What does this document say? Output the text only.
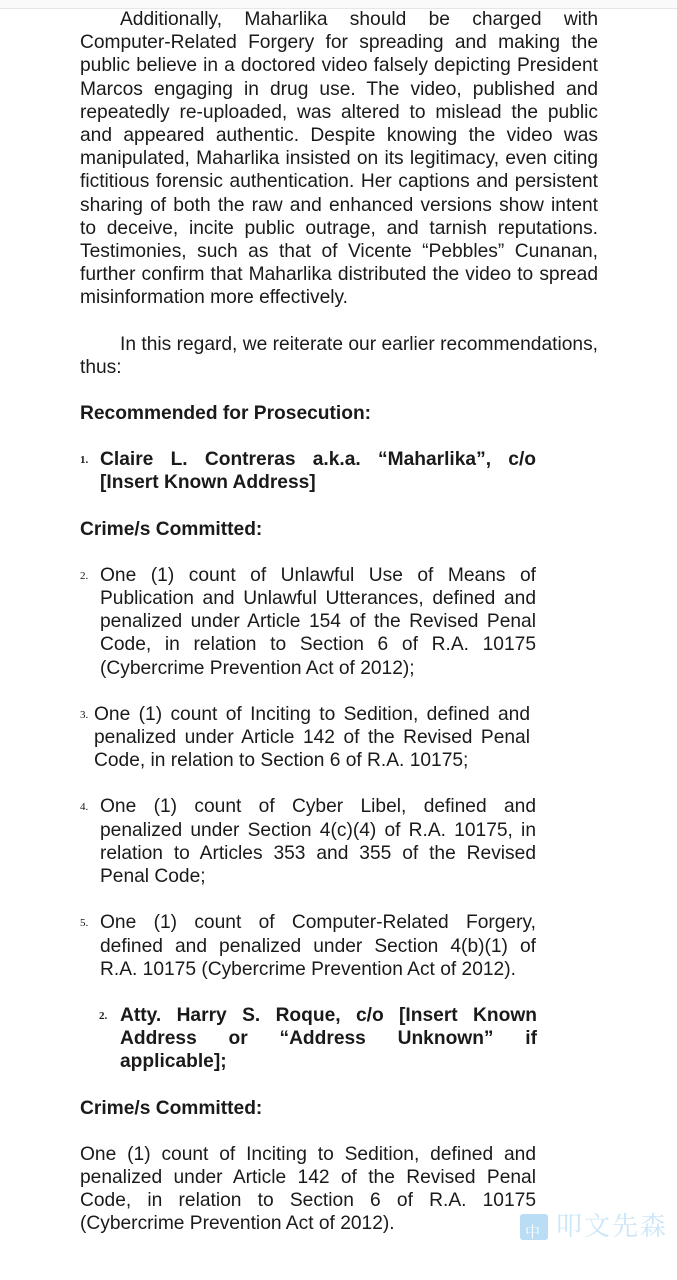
Additionally, Maharlika should be charged with Computer-Related Forgery for spreading and making the public believe in a doctored video falsely depicting President Marcos engaging in drug use. The video, published and repeatedly re-uploaded, was altered to mislead the public and appeared authentic. Despite knowing the video was manipulated, Maharlika insisted on its legitimacy, even citing fictitious forensic authentication. Her captions and persistent sharing of both the raw and enhanced versions show intent to deceive, incite public outrage, and tarnish reputations. Testimonies, such as that of Vicente “Pebbles” Cunanan, further confirm that Maharlika distributed the video to spread misinformation more effectively.

In this regard, we reiterate our earlier recommendations, thus:

Recommended for Prosecution:

1. Claire L. Contreras a.k.a. “Maharlika”, c/o [Insert Known Address]

Crime/s Committed:

2. One (1) count of Unlawful Use of Means of Publication and Unlawful Utterances, defined and penalized under Article 154 of the Revised Penal Code, in relation to Section 6 of R.A. 10175 (Cybercrime Prevention Act of 2012);
3. One (1) count of Inciting to Sedition, defined and penalized under Article 142 of the Revised Penal Code, in relation to Section 6 of R.A. 10175;
4. One (1) count of Cyber Libel, defined and penalized under Section 4(c)(4) of R.A. 10175, in relation to Articles 353 and 355 of the Revised Penal Code;
5. One (1) count of Computer-Related Forgery, defined and penalized under Section 4(b)(1) of R.A. 10175 (Cybercrime Prevention Act of 2012).
2. Atty. Harry S. Roque, c/o [Insert Known Address or “Address Unknown” if applicable];

Crime/s Committed:

One (1) count of Inciting to Sedition, defined and penalized under Article 142 of the Revised Penal Code, in relation to Section 6 of R.A. 10175 (Cybercrime Prevention Act of 2012).	中 叩文先森
